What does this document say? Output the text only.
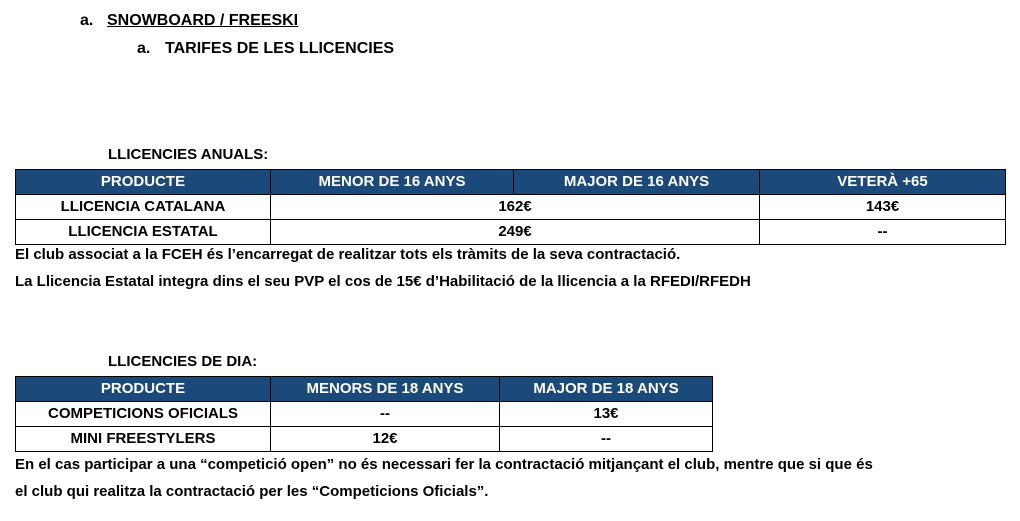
a. SNOWBOARD / FREESKI
a. TARIFES DE LES LLICENCIES
LLICENCIES ANUALS:
PRODUCTE	MENOR DE 16 ANYS	MAJOR DE 16 ANYS	VETERÀ +65
LLICENCIA CATALANA	162€		143€
LLICENCIA ESTATAL	249€		--
El club associat a la FCEH és l’encarregat de realitzar tots els tràmits de la seva contractació.
La Llicencia Estatal integra dins el seu PVP el cos de 15€ d’Habilitació de la llicencia a la RFEDI/RFEDH
LLICENCIES DE DIA:
PRODUCTE	MENORS DE 18 ANYS	MAJOR DE 18 ANYS
COMPETICIONS OFICIALS	--	13€
MINI FREESTYLERS	12€	--
En el cas participar a una “competició open” no és necessari fer la contractació mitjançant el club, mentre que si que és
el club qui realitza la contractació per les “Competicions Oficials”.
